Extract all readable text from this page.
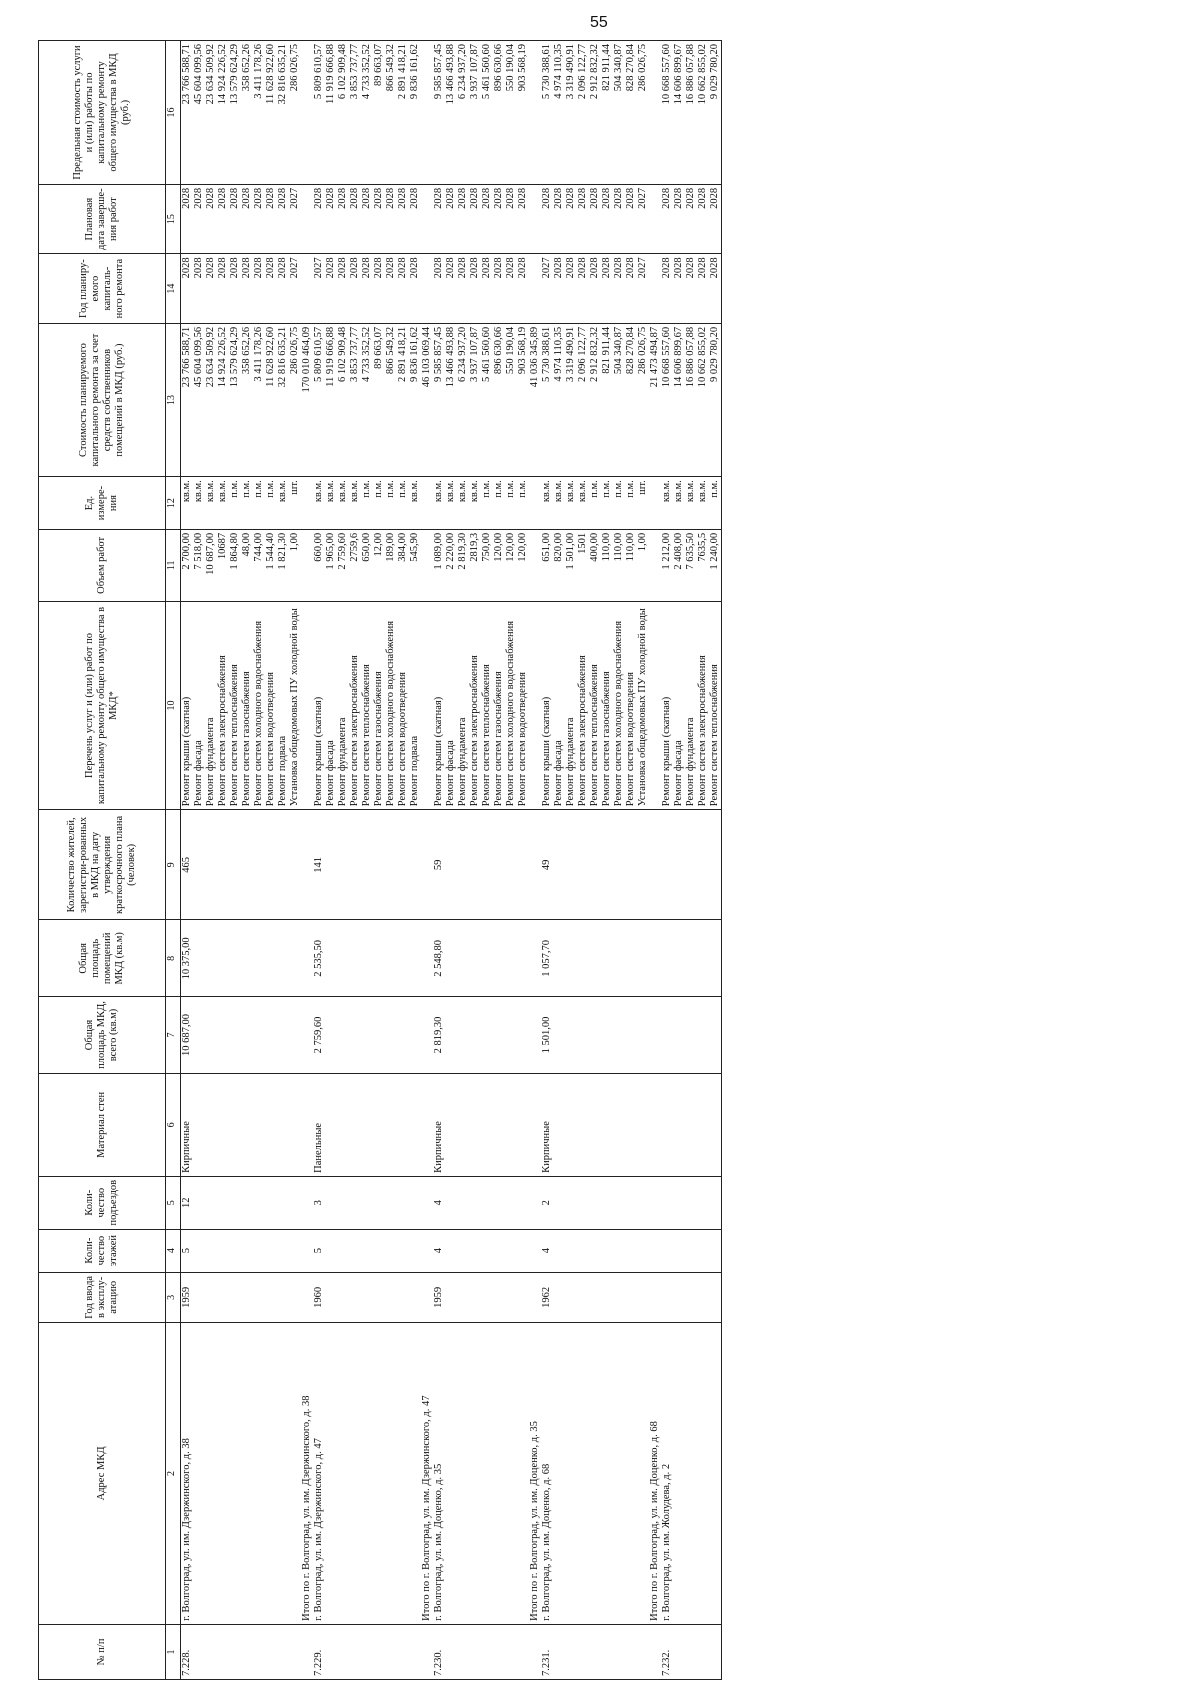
55
№ п/п	Адрес МКД	Год ввода в эксплу-атацию	Коли-чество этажей	Коли-чество подъездов	Материал стен	Общая площадь МКД, всего (кв.м)	Общая площадь помещений МКД (кв.м)	Количество жителей, зарегистри-рованных в МКД на дату утверждения краткосрочного плана (человек)	Перечень услуг и (или) работ по капитальному ремонту общего имущества в МКД*	Объем работ	Ед. измере-ния	Стоимость планируемого капитального ремонта за счет средств собственников помещений в МКД (руб.)	Год планиру-емого капиталь-ного ремонта	Плановая дата заверше-ния работ	Предельная стоимость услуги и (или) работы по капитальному ремонту общего имущества в МКД (руб.)
1	2	3	4	5	6	7	8	9	10	11	12	13	14	15	16
7.228.	г. Волгоград, ул. им. Дзержинского, д. 38	1959	5	12	Кирпичные	10 687,00	10 375,00	465	Ремонт крыши (скатная)	2 700,00	кв.м.	23 766 588,71	2028	2028	23 766 588,71
									Ремонт фасада	7 518,00	кв.м.	45 604 099,56	2028	2028	45 604 099,56
									Ремонт фундамента	10 687,00	кв.м.	23 634 509,92	2028	2028	23 634 509,92
									Ремонт систем электроснабжения	10687	кв.м.	14 924 226,52	2028	2028	14 924 226,52
									Ремонт систем теплоснабжения	1 864,80	п.м.	13 579 624,29	2028	2028	13 579 624,29
									Ремонт систем газоснабжения	48,00	п.м.	358 652,26	2028	2028	358 652,26
									Ремонт систем холодного водоснабжения	744,00	п.м.	3 411 178,26	2028	2028	3 411 178,26
									Ремонт систем водоотведения	1 544,40	п.м.	11 628 922,60	2028	2028	11 628 922,60
									Ремонт подвала	1 821,30	кв.м.	32 816 635,21	2028	2028	32 816 635,21
									Установка общедомовых ПУ холодной воды	1,00	шт.	286 026,75	2027	2027	286 026,75
	Итого по г. Волгоград, ул. им. Дзержинского, д. 38											170 010 464,09			
7.229.	г. Волгоград, ул. им. Дзержинского, д. 47	1960	5	3	Панельные	2 759,60	2 535,50	141	Ремонт крыши (скатная)	660,00	кв.м.	5 809 610,57	2027	2028	5 809 610,57
									Ремонт фасада	1 965,00	кв.м.	11 919 666,88	2028	2028	11 919 666,88
									Ремонт фундамента	2 759,60	кв.м.	6 102 909,48	2028	2028	6 102 909,48
									Ремонт систем электроснабжения	2759,6	кв.м.	3 853 737,77	2028	2028	3 853 737,77
									Ремонт систем теплоснабжения	650,00	п.м.	4 733 352,52	2028	2028	4 733 352,52
									Ремонт систем газоснабжения	12,00	п.м.	89 663,07	2028	2028	89 663,07
									Ремонт систем холодного водоснабжения	189,00	п.м.	866 549,32	2028	2028	866 549,32
									Ремонт систем водоотведения	384,00	п.м.	2 891 418,21	2028	2028	2 891 418,21
									Ремонт подвала	545,90	кв.м.	9 836 161,62	2028	2028	9 836 161,62
	Итого по г. Волгоград, ул. им. Дзержинского, д. 47											46 103 069,44			
7.230.	г. Волгоград, ул. им. Доценко, д. 35	1959	4	4	Кирпичные	2 819,30	2 548,80	59	Ремонт крыши (скатная)	1 089,00	кв.м.	9 585 857,45	2028	2028	9 585 857,45
									Ремонт фасада	2 220,00	кв.м.	13 466 493,88	2028	2028	13 466 493,88
									Ремонт фундамента	2 819,30	кв.м.	6 234 937,20	2028	2028	6 234 937,20
									Ремонт систем электроснабжения	2819,3	кв.м.	3 937 107,87	2028	2028	3 937 107,87
									Ремонт систем теплоснабжения	750,00	п.м.	5 461 560,60	2028	2028	5 461 560,60
									Ремонт систем газоснабжения	120,00	п.м.	896 630,66	2028	2028	896 630,66
									Ремонт систем холодного водоснабжения	120,00	п.м.	550 190,04	2028	2028	550 190,04
									Ремонт систем водоотведения	120,00	п.м.	903 568,19	2028	2028	903 568,19
	Итого по г. Волгоград, ул. им. Доценко, д. 35											41 036 345,89			
7.231.	г. Волгоград, ул. им. Доценко, д. 68	1962	4	2	Кирпичные	1 501,00	1 057,70	49	Ремонт крыши (скатная)	651,00	кв.м.	5 730 388,61	2027	2028	5 730 388,61
									Ремонт фасада	820,00	кв.м.	4 974 110,35	2028	2028	4 974 110,35
									Ремонт фундамента	1 501,00	кв.м.	3 319 490,91	2028	2028	3 319 490,91
									Ремонт систем электроснабжения	1501	кв.м.	2 096 122,77	2028	2028	2 096 122,77
									Ремонт систем теплоснабжения	400,00	п.м.	2 912 832,32	2028	2028	2 912 832,32
									Ремонт систем газоснабжения	110,00	п.м.	821 911,44	2028	2028	821 911,44
									Ремонт систем холодного водоснабжения	110,00	п.м.	504 340,87	2028	2028	504 340,87
									Ремонт систем водоотведения	110,00	п.м.	828 270,84	2028	2028	828 270,84
									Установка общедомовых ПУ холодной воды	1,00	шт.	286 026,75	2027	2027	286 026,75
	Итого по г. Волгоград, ул. им. Доценко, д. 68											21 473 494,87			
7.232.	г. Волгоград, ул. им. Жолудева, д. 2								Ремонт крыши (скатная)	1 212,00	кв.м.	10 668 557,60	2028	2028	10 668 557,60
									Ремонт фасада	2 408,00	кв.м.	14 606 899,67	2028	2028	14 606 899,67
									Ремонт фундамента	7 635,50	кв.м.	16 886 057,88	2028	2028	16 886 057,88
									Ремонт систем электроснабжения	7635,5	кв.м.	10 662 855,02	2028	2028	10 662 855,02
									Ремонт систем теплоснабжения	1 240,00	п.м.	9 029 780,20	2028	2028	9 029 780,20
